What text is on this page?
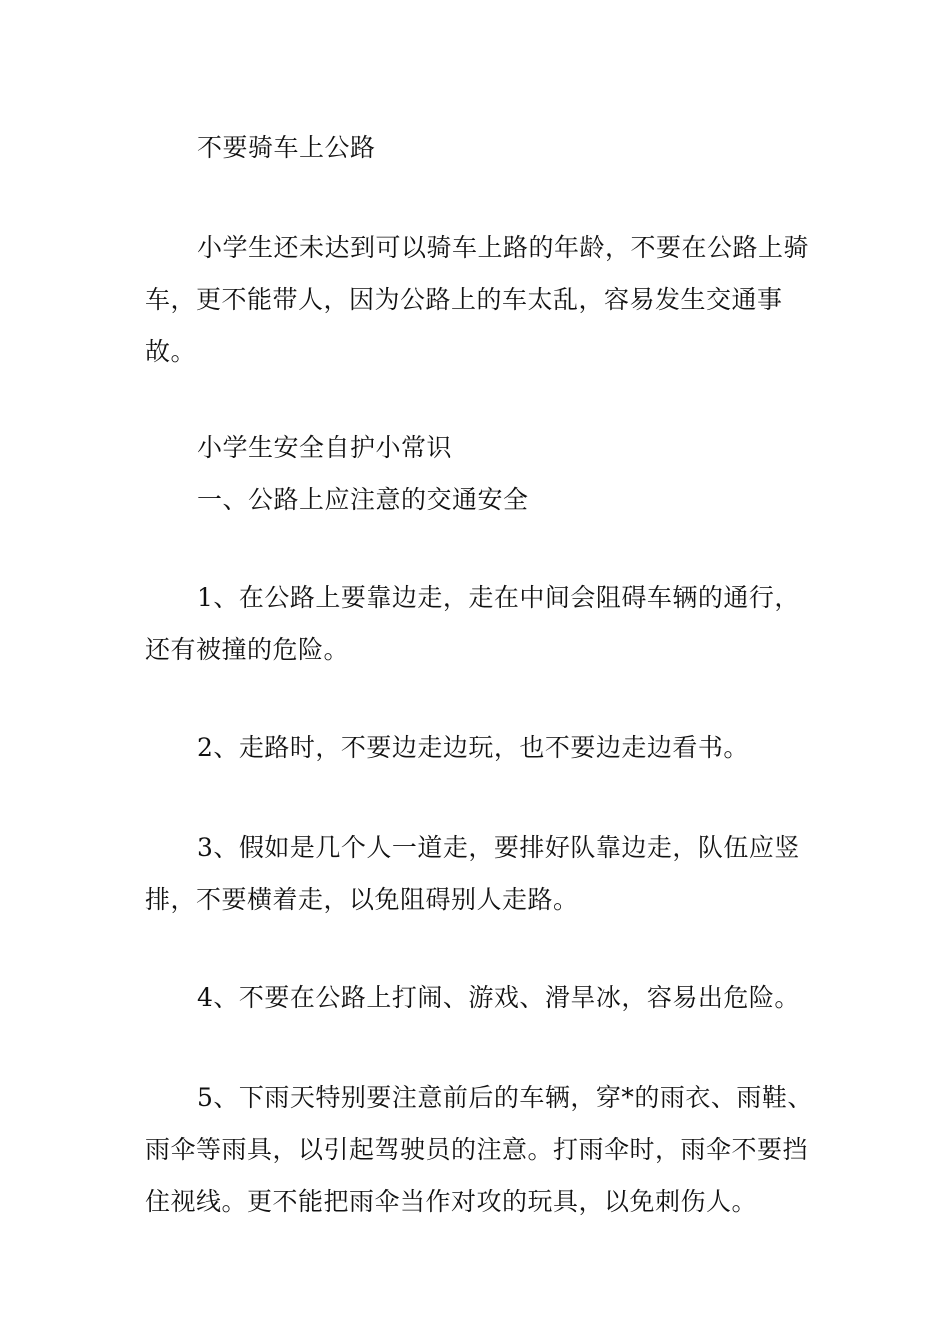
不要骑车上公路

小学生还未达到可以骑车上路的年龄，不要在公路上骑车，更不能带人，因为公路上的车太乱，容易发生交通事故。

小学生安全自护小常识

一、公路上应注意的交通安全

1、在公路上要靠边走，走在中间会阻碍车辆的通行，还有被撞的危险。

2、走路时，不要边走边玩，也不要边走边看书。

3、假如是几个人一道走，要排好队靠边走，队伍应竖排，不要横着走，以免阻碍别人走路。

4、不要在公路上打闹、游戏、滑旱冰，容易出危险。

5、下雨天特别要注意前后的车辆，穿*的雨衣、雨鞋、雨伞等雨具，以引起驾驶员的注意。打雨伞时，雨伞不要挡住视线。更不能把雨伞当作对攻的玩具，以免刺伤人。
